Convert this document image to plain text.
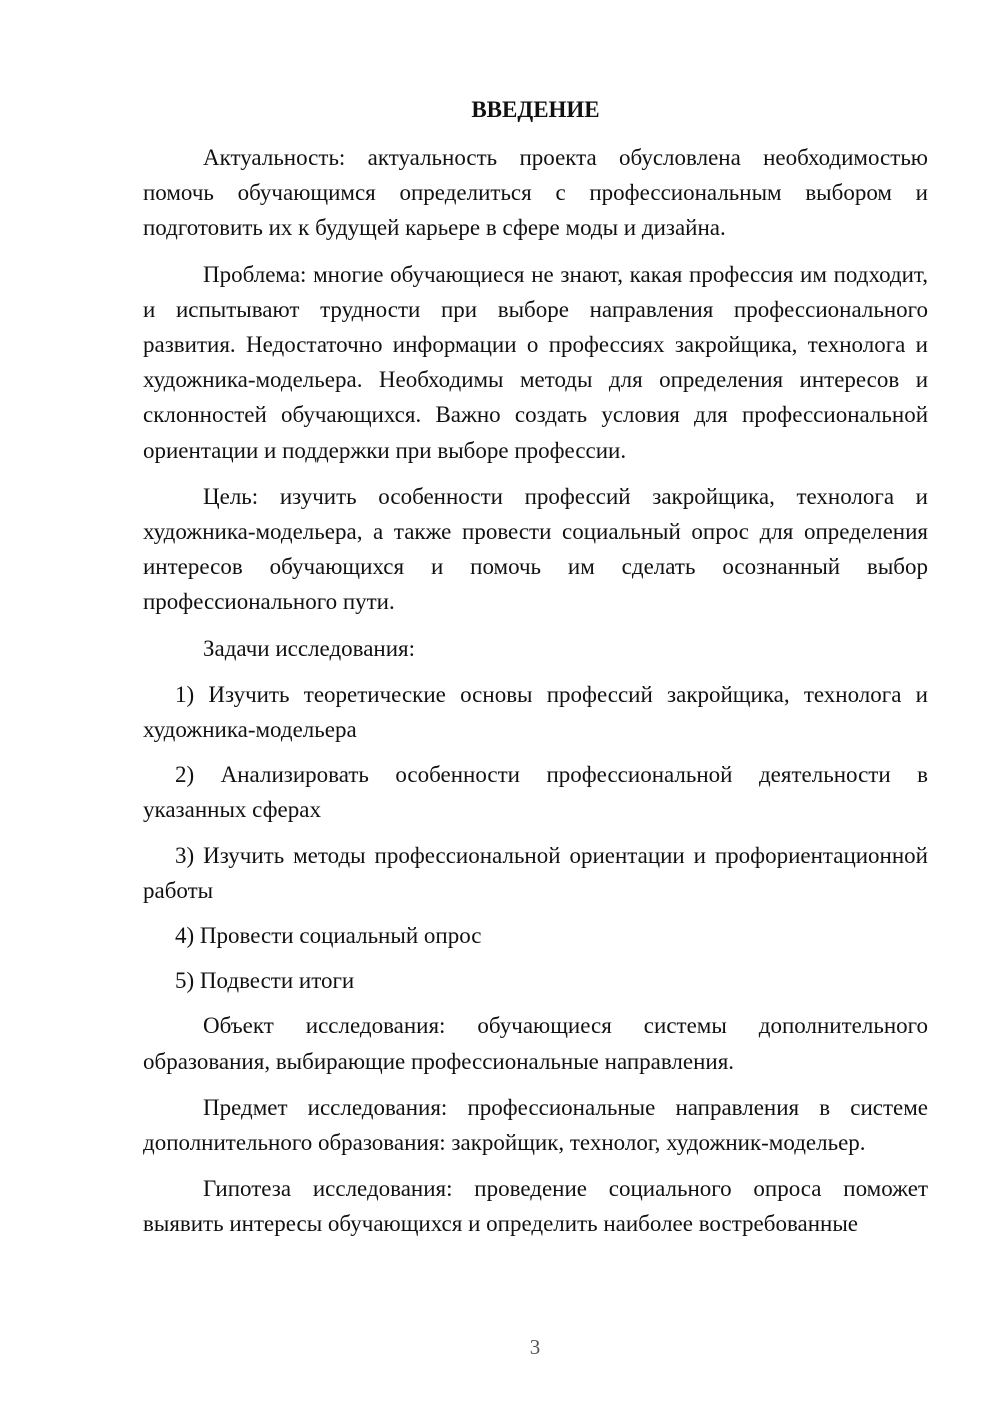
ВВЕДЕНИЕ

Актуальность: актуальность проекта обусловлена необходимостью помочь обучающимся определиться с профессиональным выбором и подготовить их к будущей карьере в сфере моды и дизайна.

Проблема: многие обучающиеся не знают, какая профессия им подходит, и испытывают трудности при выборе направления профессионального развития. Недостаточно информации о профессиях закройщика, технолога и художника-модельера. Необходимы методы для определения интересов и склонностей обучающихся. Важно создать условия для профессиональной ориентации и поддержки при выборе профессии.

Цель: изучить особенности профессий закройщика, технолога и художника-модельера, а также провести социальный опрос для определения интересов обучающихся и помочь им сделать осознанный выбор профессионального пути.

Задачи исследования:

1) Изучить теоретические основы профессий закройщика, технолога и художника-модельера

2) Анализировать особенности профессиональной деятельности в указанных сферах

3) Изучить методы профессиональной ориентации и профориентационной работы

4) Провести социальный опрос

5) Подвести итоги

Объект исследования: обучающиеся системы дополнительного образования, выбирающие профессиональные направления.

Предмет исследования: профессиональные направления в системе дополнительного образования: закройщик, технолог, художник-модельер.

Гипотеза исследования: проведение социального опроса поможет выявить интересы обучающихся и определить наиболее востребованные

3
